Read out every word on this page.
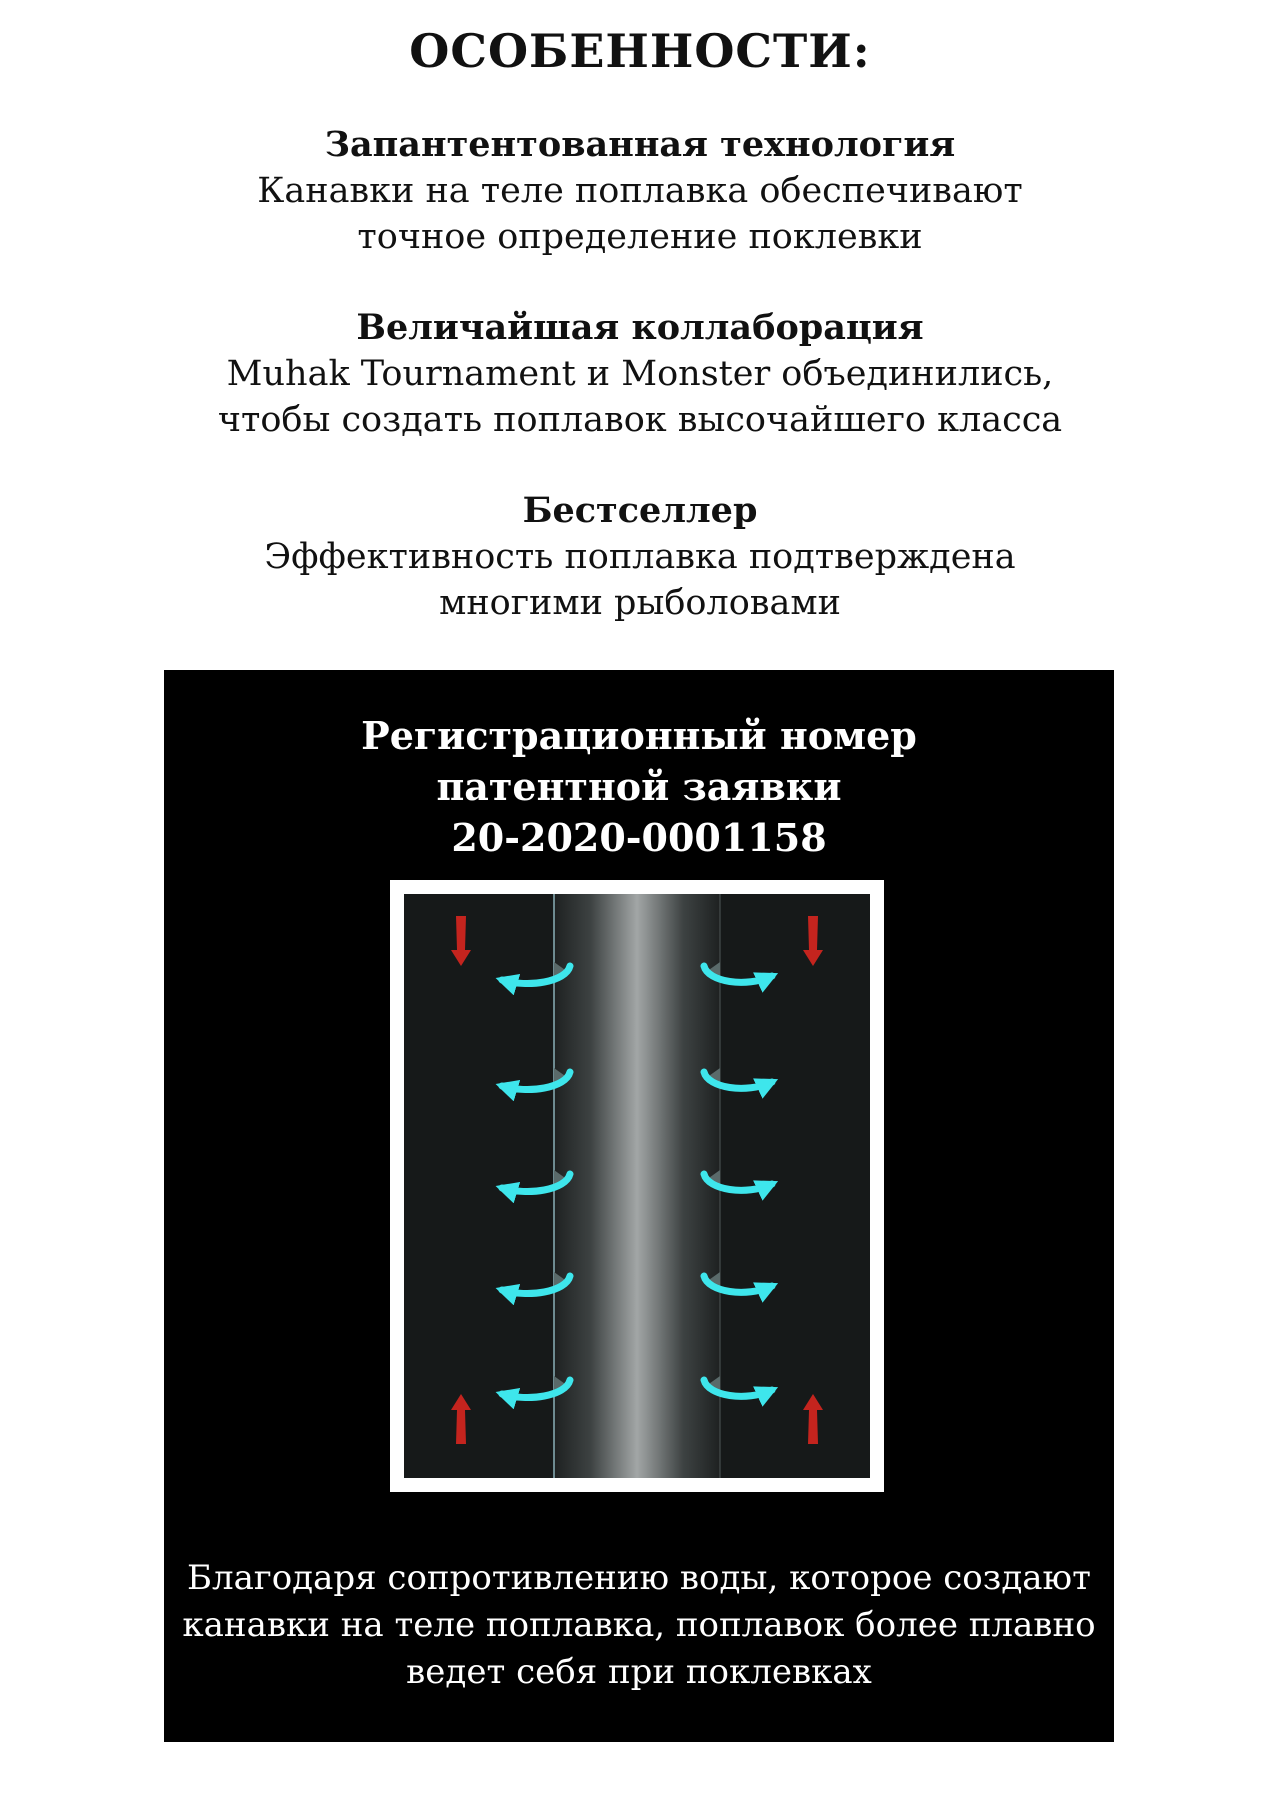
ОСОБЕННОСТИ:
Запантентованная технология
Канавки на теле поплавка обеспечивают
точное определение поклевки
Величайшая коллаборация
Muhak Tournament и Monster объединились,
чтобы создать поплавок высочайшего класса
Бестселлер
Эффективность поплавка подтверждена
многими рыболовами
Регистрационный номер
патентной заявки
20-2020-0001158
Благодаря сопротивлению воды, которое создают
канавки на теле поплавка, поплавок более плавно
ведет себя при поклевках
